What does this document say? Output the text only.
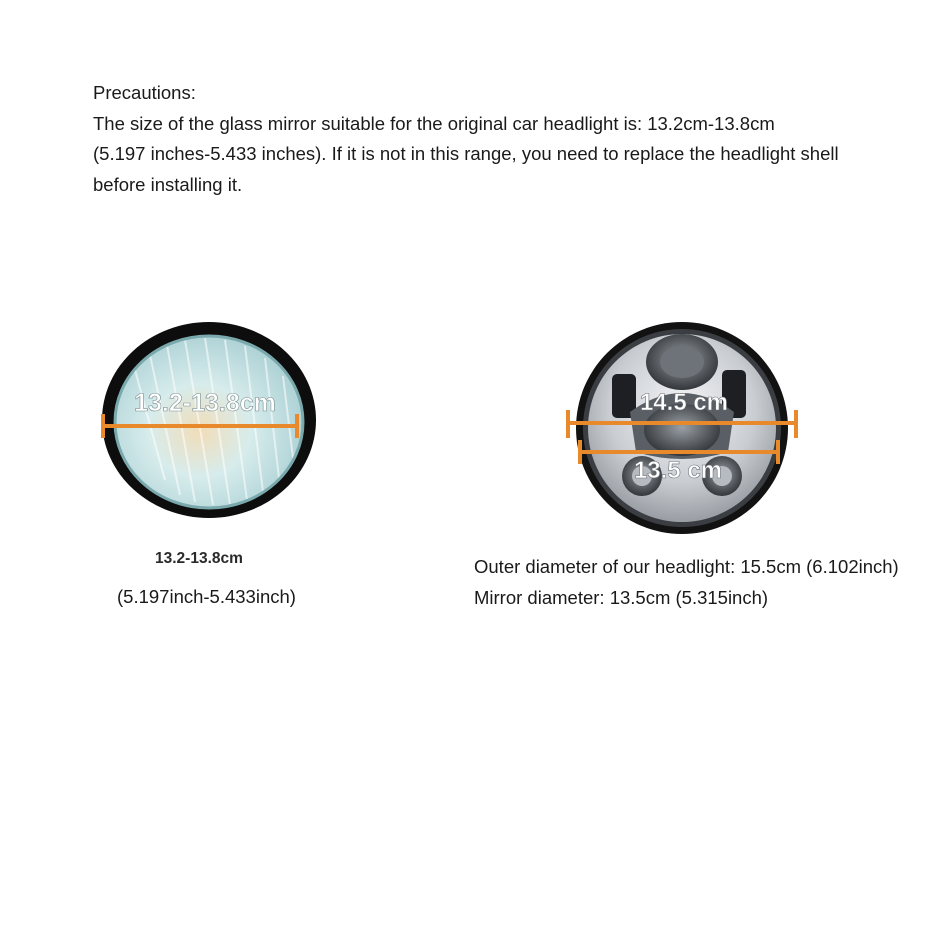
Precautions:
The size of the glass mirror suitable for the original car headlight is: 13.2cm-13.8cm
(5.197 inches-5.433 inches). If it is not in this range, you need to replace the headlight shell
before installing it.
13.2-13.8cm
13.2-13.8cm
(5.197inch-5.433inch)
14.5 cm
13.5 cm
Outer diameter of our headlight: 15.5cm (6.102inch)
Mirror diameter: 13.5cm (5.315inch)
